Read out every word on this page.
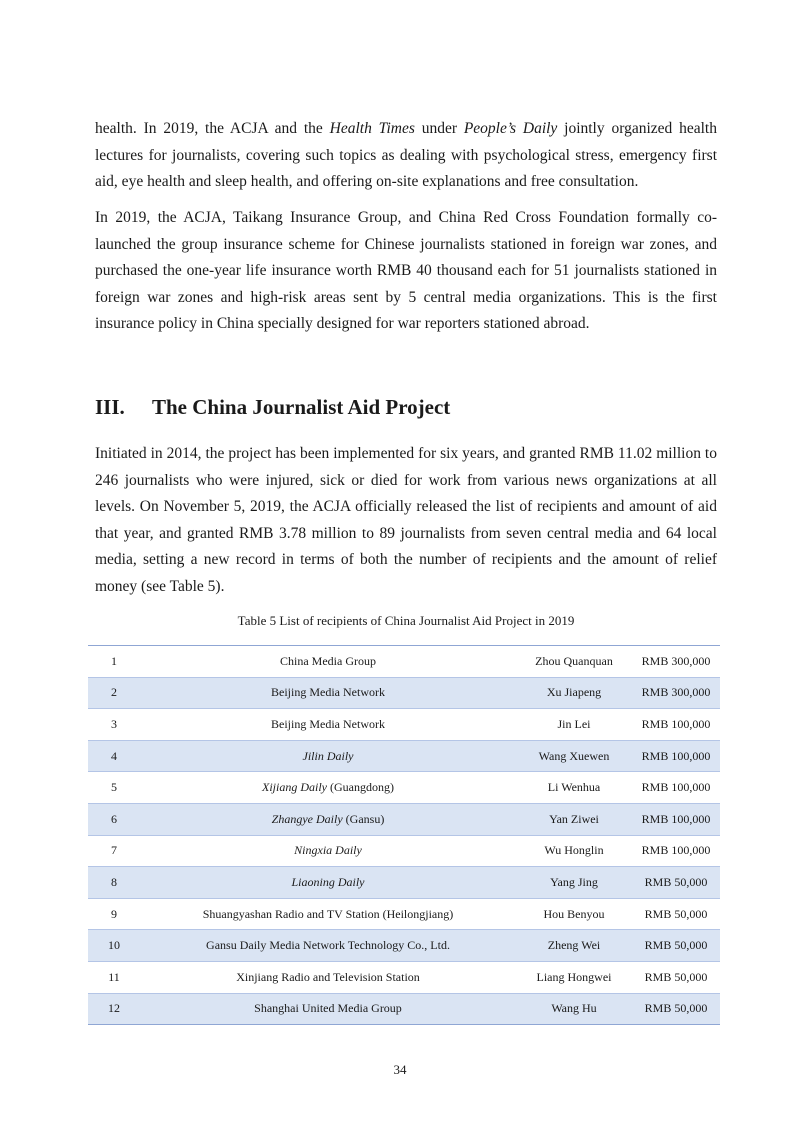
health. In 2019, the ACJA and the Health Times under People’s Daily jointly organized health lectures for journalists, covering such topics as dealing with psychological stress, emergency first aid, eye health and sleep health, and offering on-site explanations and free consultation.

In 2019, the ACJA, Taikang Insurance Group, and China Red Cross Foundation formally co-launched the group insurance scheme for Chinese journalists stationed in foreign war zones, and purchased the one-year life insurance worth RMB 40 thousand each for 51 journalists stationed in foreign war zones and high-risk areas sent by 5 central media organizations. This is the first insurance policy in China specially designed for war reporters stationed abroad.

III. The China Journalist Aid Project

Initiated in 2014, the project has been implemented for six years, and granted RMB 11.02 million to 246 journalists who were injured, sick or died for work from various news organizations at all levels. On November 5, 2019, the ACJA officially released the list of recipients and amount of aid that year, and granted RMB 3.78 million to 89 journalists from seven central media and 64 local media, setting a new record in terms of both the number of recipients and the amount of relief money (see Table 5).

Table 5 List of recipients of China Journalist Aid Project in 2019
1	China Media Group	Zhou Quanquan	RMB 300,000
2	Beijing Media Network	Xu Jiapeng	RMB 300,000
3	Beijing Media Network	Jin Lei	RMB 100,000
4	Jilin Daily	Wang Xuewen	RMB 100,000
5	Xijiang Daily (Guangdong)	Li Wenhua	RMB 100,000
6	Zhangye Daily (Gansu)	Yan Ziwei	RMB 100,000
7	Ningxia Daily	Wu Honglin	RMB 100,000
8	Liaoning Daily	Yang Jing	RMB 50,000
9	Shuangyashan Radio and TV Station (Heilongjiang)	Hou Benyou	RMB 50,000
10	Gansu Daily Media Network Technology Co., Ltd.	Zheng Wei	RMB 50,000
11	Xinjiang Radio and Television Station	Liang Hongwei	RMB 50,000
12	Shanghai United Media Group	Wang Hu	RMB 50,000
34
